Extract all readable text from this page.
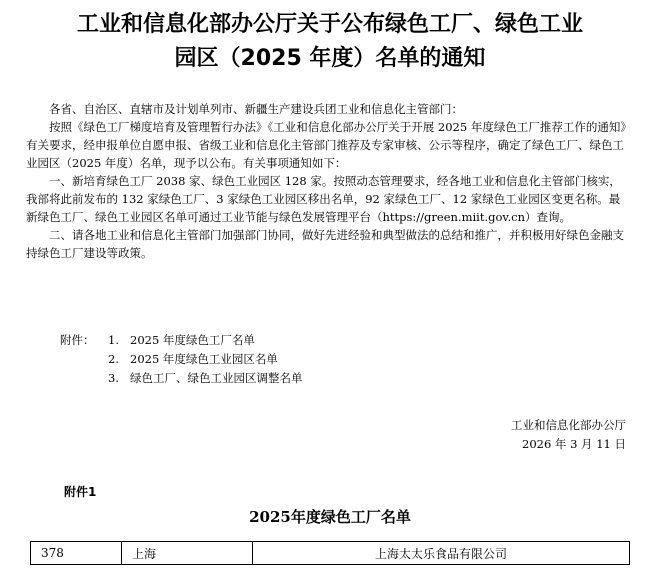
工业和信息化部办公厅关于公布绿色工厂、绿色工业
园区（2025 年度）名单的通知

各省、自治区、直辖市及计划单列市、新疆生产建设兵团工业和信息化主管部门：

按照《绿色工厂梯度培育及管理暂行办法》《工业和信息化部办公厅关于开展 2025 年度绿色工厂推荐工作的通知》有关要求，经申报单位自愿申报、省级工业和信息化主管部门推荐及专家审核、公示等程序，确定了绿色工厂、绿色工业园区（2025 年度）名单，现予以公布。有关事项通知如下：

一、新培育绿色工厂 2038 家、绿色工业园区 128 家。按照动态管理要求，经各地工业和信息化主管部门核实，我部将此前发布的 132 家绿色工厂、3 家绿色工业园区移出名单，92 家绿色工厂、12 家绿色工业园区变更名称。最新绿色工厂、绿色工业园区名单可通过工业节能与绿色发展管理平台（https://green.miit.gov.cn）查询。

二、请各地工业和信息化主管部门加强部门协同，做好先进经验和典型做法的总结和推广，并积极用好绿色金融支持绿色工厂建设等政策。

附件： 1. 2025 年度绿色工厂名单
2. 2025 年度绿色工业园区名单
3. 绿色工厂、绿色工业园区调整名单
工业和信息化部办公厅
2026 年 3 月 11 日
附件1
2025年度绿色工厂名单
378	上海	上海太太乐食品有限公司
